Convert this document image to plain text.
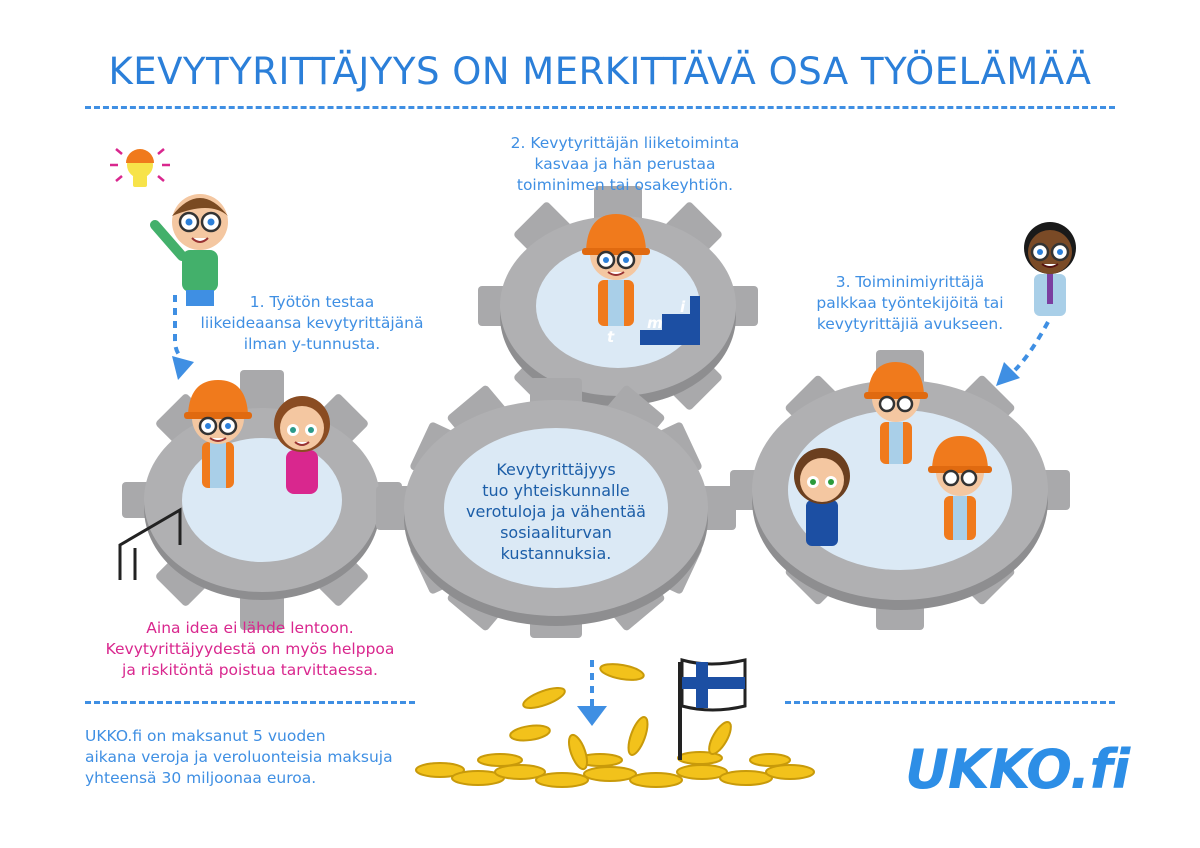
KEVYTYRITTÄJYYS ON MERKITTÄVÄ OSA TYÖELÄMÄÄ
t
m
i
2. Kevytyrittäjän liiketoiminta
kasvaa ja hän perustaa
toiminimen tai osakeyhtiön.
1. Työtön testaa
liikeideaansa kevytyrittäjänä
ilman y-tunnusta.
3. Toiminimiyrittäjä
palkkaa työntekijöitä tai
kevytyrittäjiä avukseen.
Kevytyrittäjyys
tuo yhteiskunnalle
verotuloja ja vähentää
sosiaaliturvan
kustannuksia.
Aina idea ei lähde lentoon.
Kevytyrittäjyydestä on myös helppoa
ja riskitöntä poistua tarvittaessa.
UKKO.fi on maksanut 5 vuoden
aikana veroja ja veroluonteisia maksuja
yhteensä 30 miljoonaa euroa.	UKKO.fi
